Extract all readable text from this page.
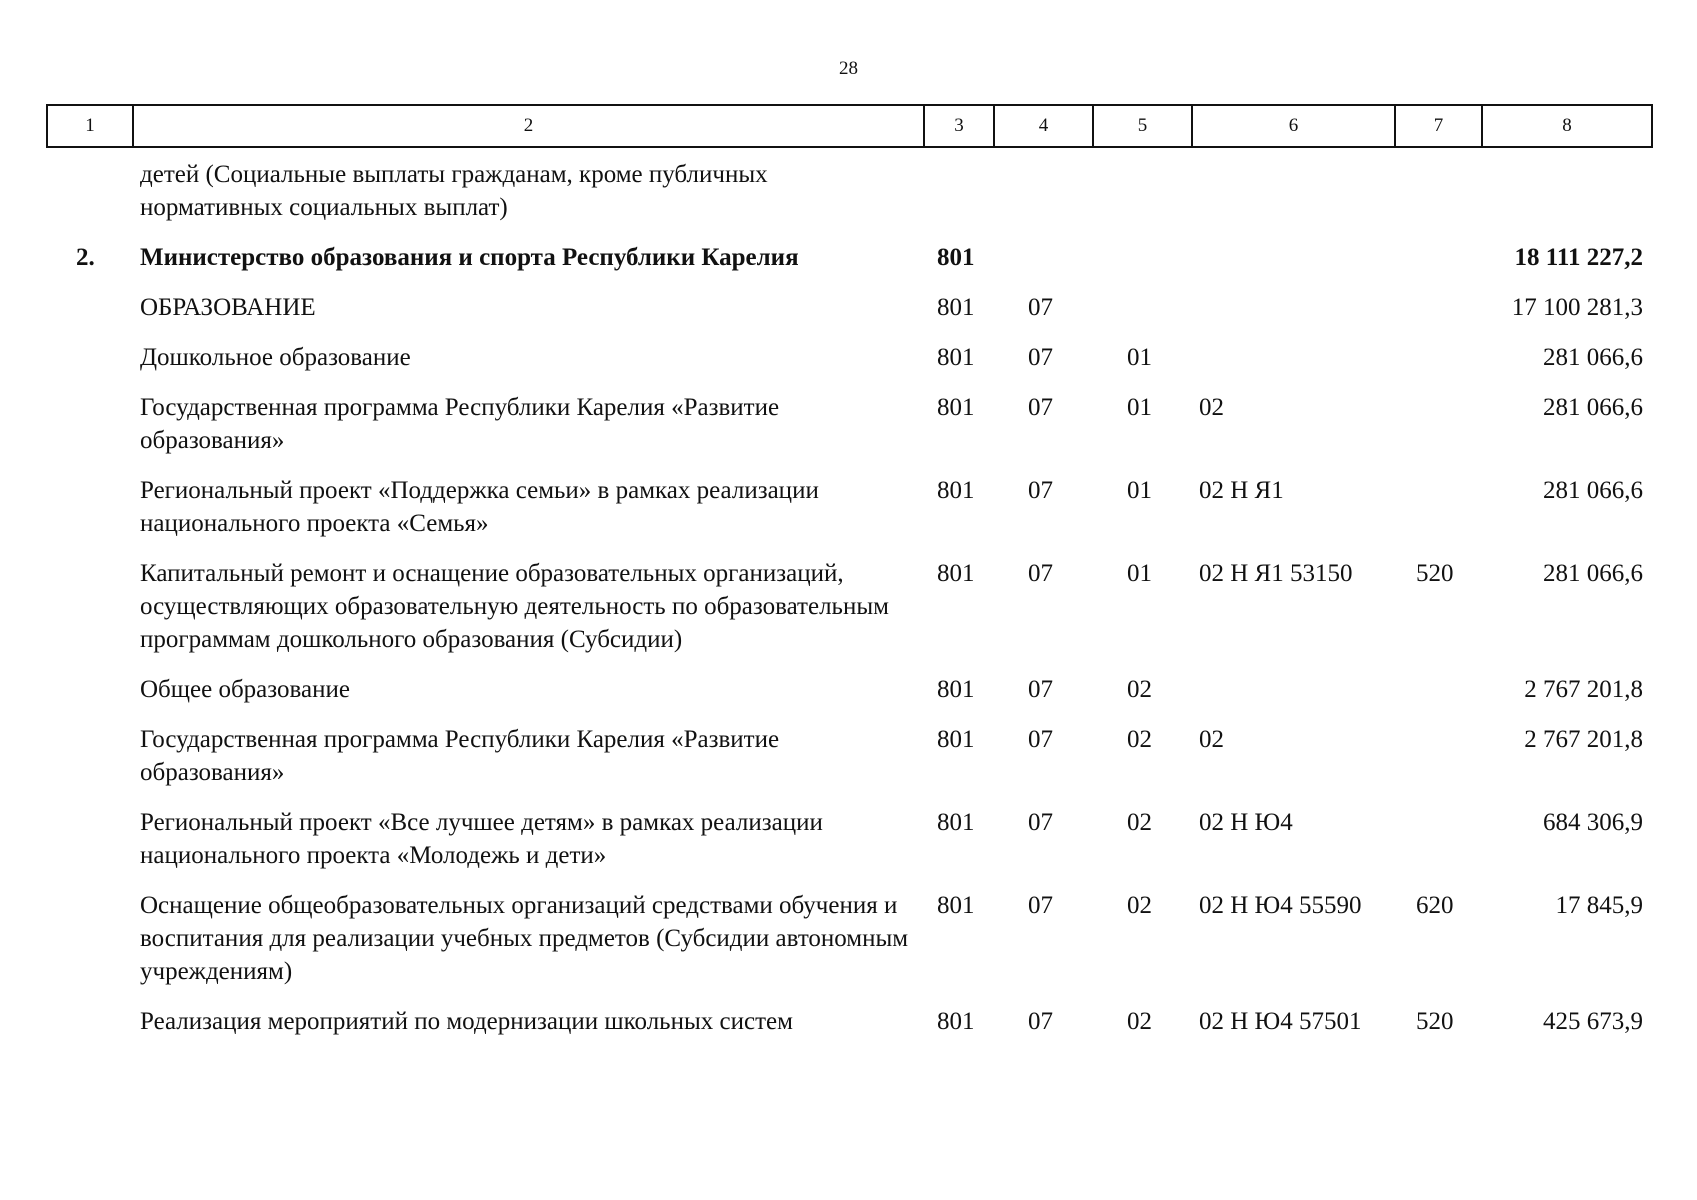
28
1	2	3	4	5	6	7	8
	детей (Социальные выплаты гражданам, кроме публичных нормативных социальных выплат)						
2.	Министерство образования и спорта Республики Карелия	801					18 111 227,2
	ОБРАЗОВАНИЕ	801	07				17 100 281,3
	Дошкольное образование	801	07	01			281 066,6
	Государственная программа Республики Карелия «Развитие образования»	801	07	01	02		281 066,6
	Региональный проект «Поддержка семьи» в рамках реализации национального проекта «Семья»	801	07	01	02 Н Я1		281 066,6
	Капитальный ремонт и оснащение образовательных организаций, осуществляющих образовательную деятельность по образовательным программам дошкольного образования (Субсидии)	801	07	01	02 Н Я1 53150	520	281 066,6
	Общее образование	801	07	02			2 767 201,8
	Государственная программа Республики Карелия «Развитие образования»	801	07	02	02		2 767 201,8
	Региональный проект «Все лучшее детям» в рамках реализации национального проекта «Молодежь и дети»	801	07	02	02 Н Ю4		684 306,9
	Оснащение общеобразовательных организаций средствами обучения и воспитания для реализации учебных предметов (Субсидии автономным учреждениям)	801	07	02	02 Н Ю4 55590	620	17 845,9
	Реализация мероприятий по модернизации школьных систем	801	07	02	02 Н Ю4 57501	520	425 673,9
